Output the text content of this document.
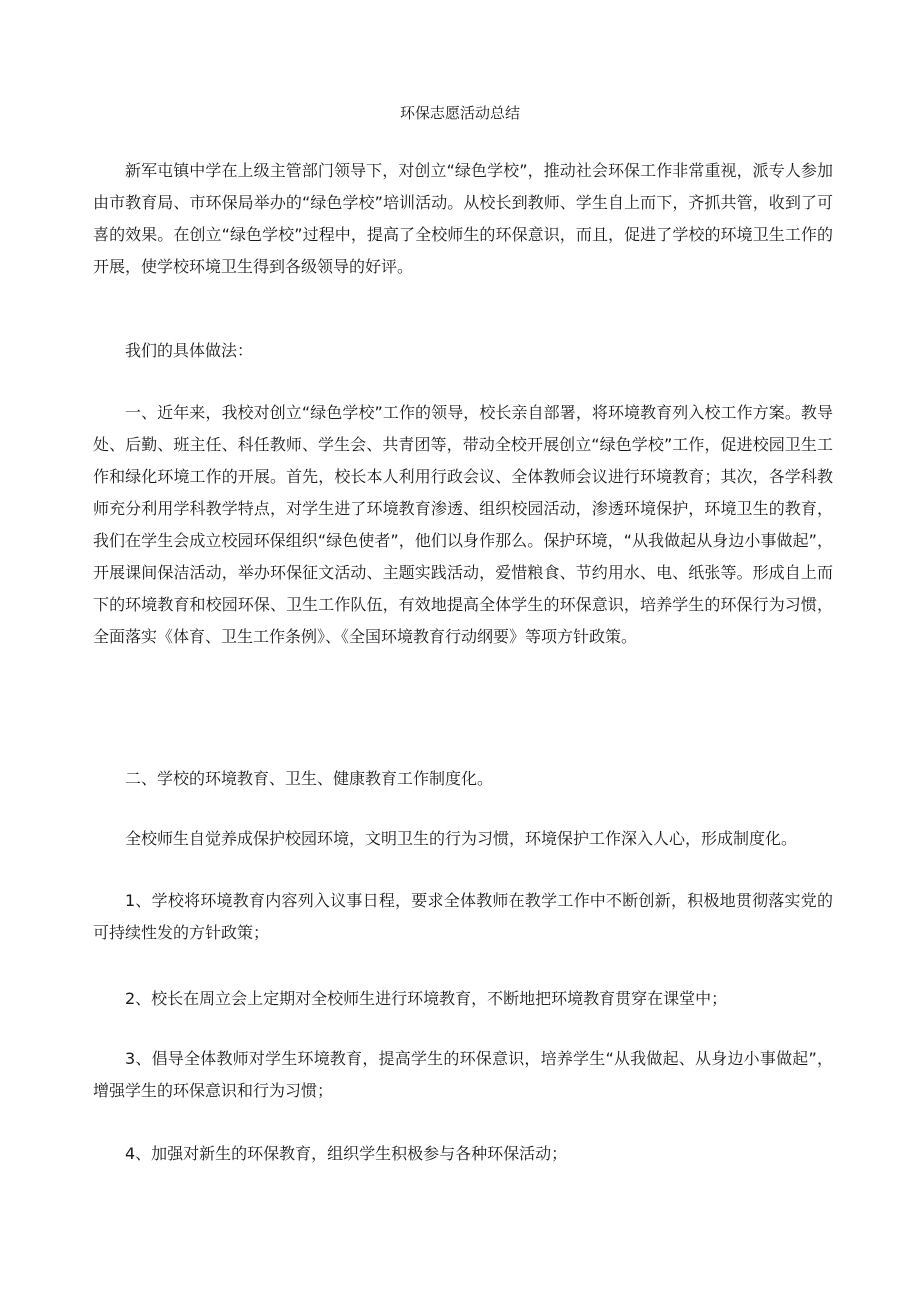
环保志愿活动总结
新军屯镇中学在上级主管部门领导下，对创立“绿色学校”，推动社会环保工作非常重视，派专人参加由市教育局、市环保局举办的“绿色学校”培训活动。从校长到教师、学生自上而下，齐抓共管，收到了可喜的效果。在创立“绿色学校”过程中，提高了全校师生的环保意识，而且，促进了学校的环境卫生工作的开展，使学校环境卫生得到各级领导的好评。
我们的具体做法：
一、近年来，我校对创立“绿色学校”工作的领导，校长亲自部署，将环境教育列入校工作方案。教导处、后勤、班主任、科任教师、学生会、共青团等，带动全校开展创立“绿色学校”工作，促进校园卫生工作和绿化环境工作的开展。首先，校长本人利用行政会议、全体教师会议进行环境教育；其次，各学科教师充分利用学科教学特点，对学生进了环境教育渗透、组织校园活动，渗透环境保护，环境卫生的教育，我们在学生会成立校园环保组织“绿色使者”，他们以身作那么。保护环境，“从我做起从身边小事做起”，开展课间保洁活动，举办环保征文活动、主题实践活动，爱惜粮食、节约用水、电、纸张等。形成自上而下的环境教育和校园环保、卫生工作队伍，有效地提高全体学生的环保意识，培养学生的环保行为习惯，全面落实《体育、卫生工作条例》、《全国环境教育行动纲要》等项方针政策。
二、学校的环境教育、卫生、健康教育工作制度化。
全校师生自觉养成保护校园环境，文明卫生的行为习惯，环境保护工作深入人心，形成制度化。
1、学校将环境教育内容列入议事日程，要求全体教师在教学工作中不断创新，积极地贯彻落实党的可持续性发的方针政策；
2、校长在周立会上定期对全校师生进行环境教育，不断地把环境教育贯穿在课堂中；
3、倡导全体教师对学生环境教育，提高学生的环保意识，培养学生“从我做起、从身边小事做起”，增强学生的环保意识和行为习惯；
4、加强对新生的环保教育，组织学生积极参与各种环保活动；
